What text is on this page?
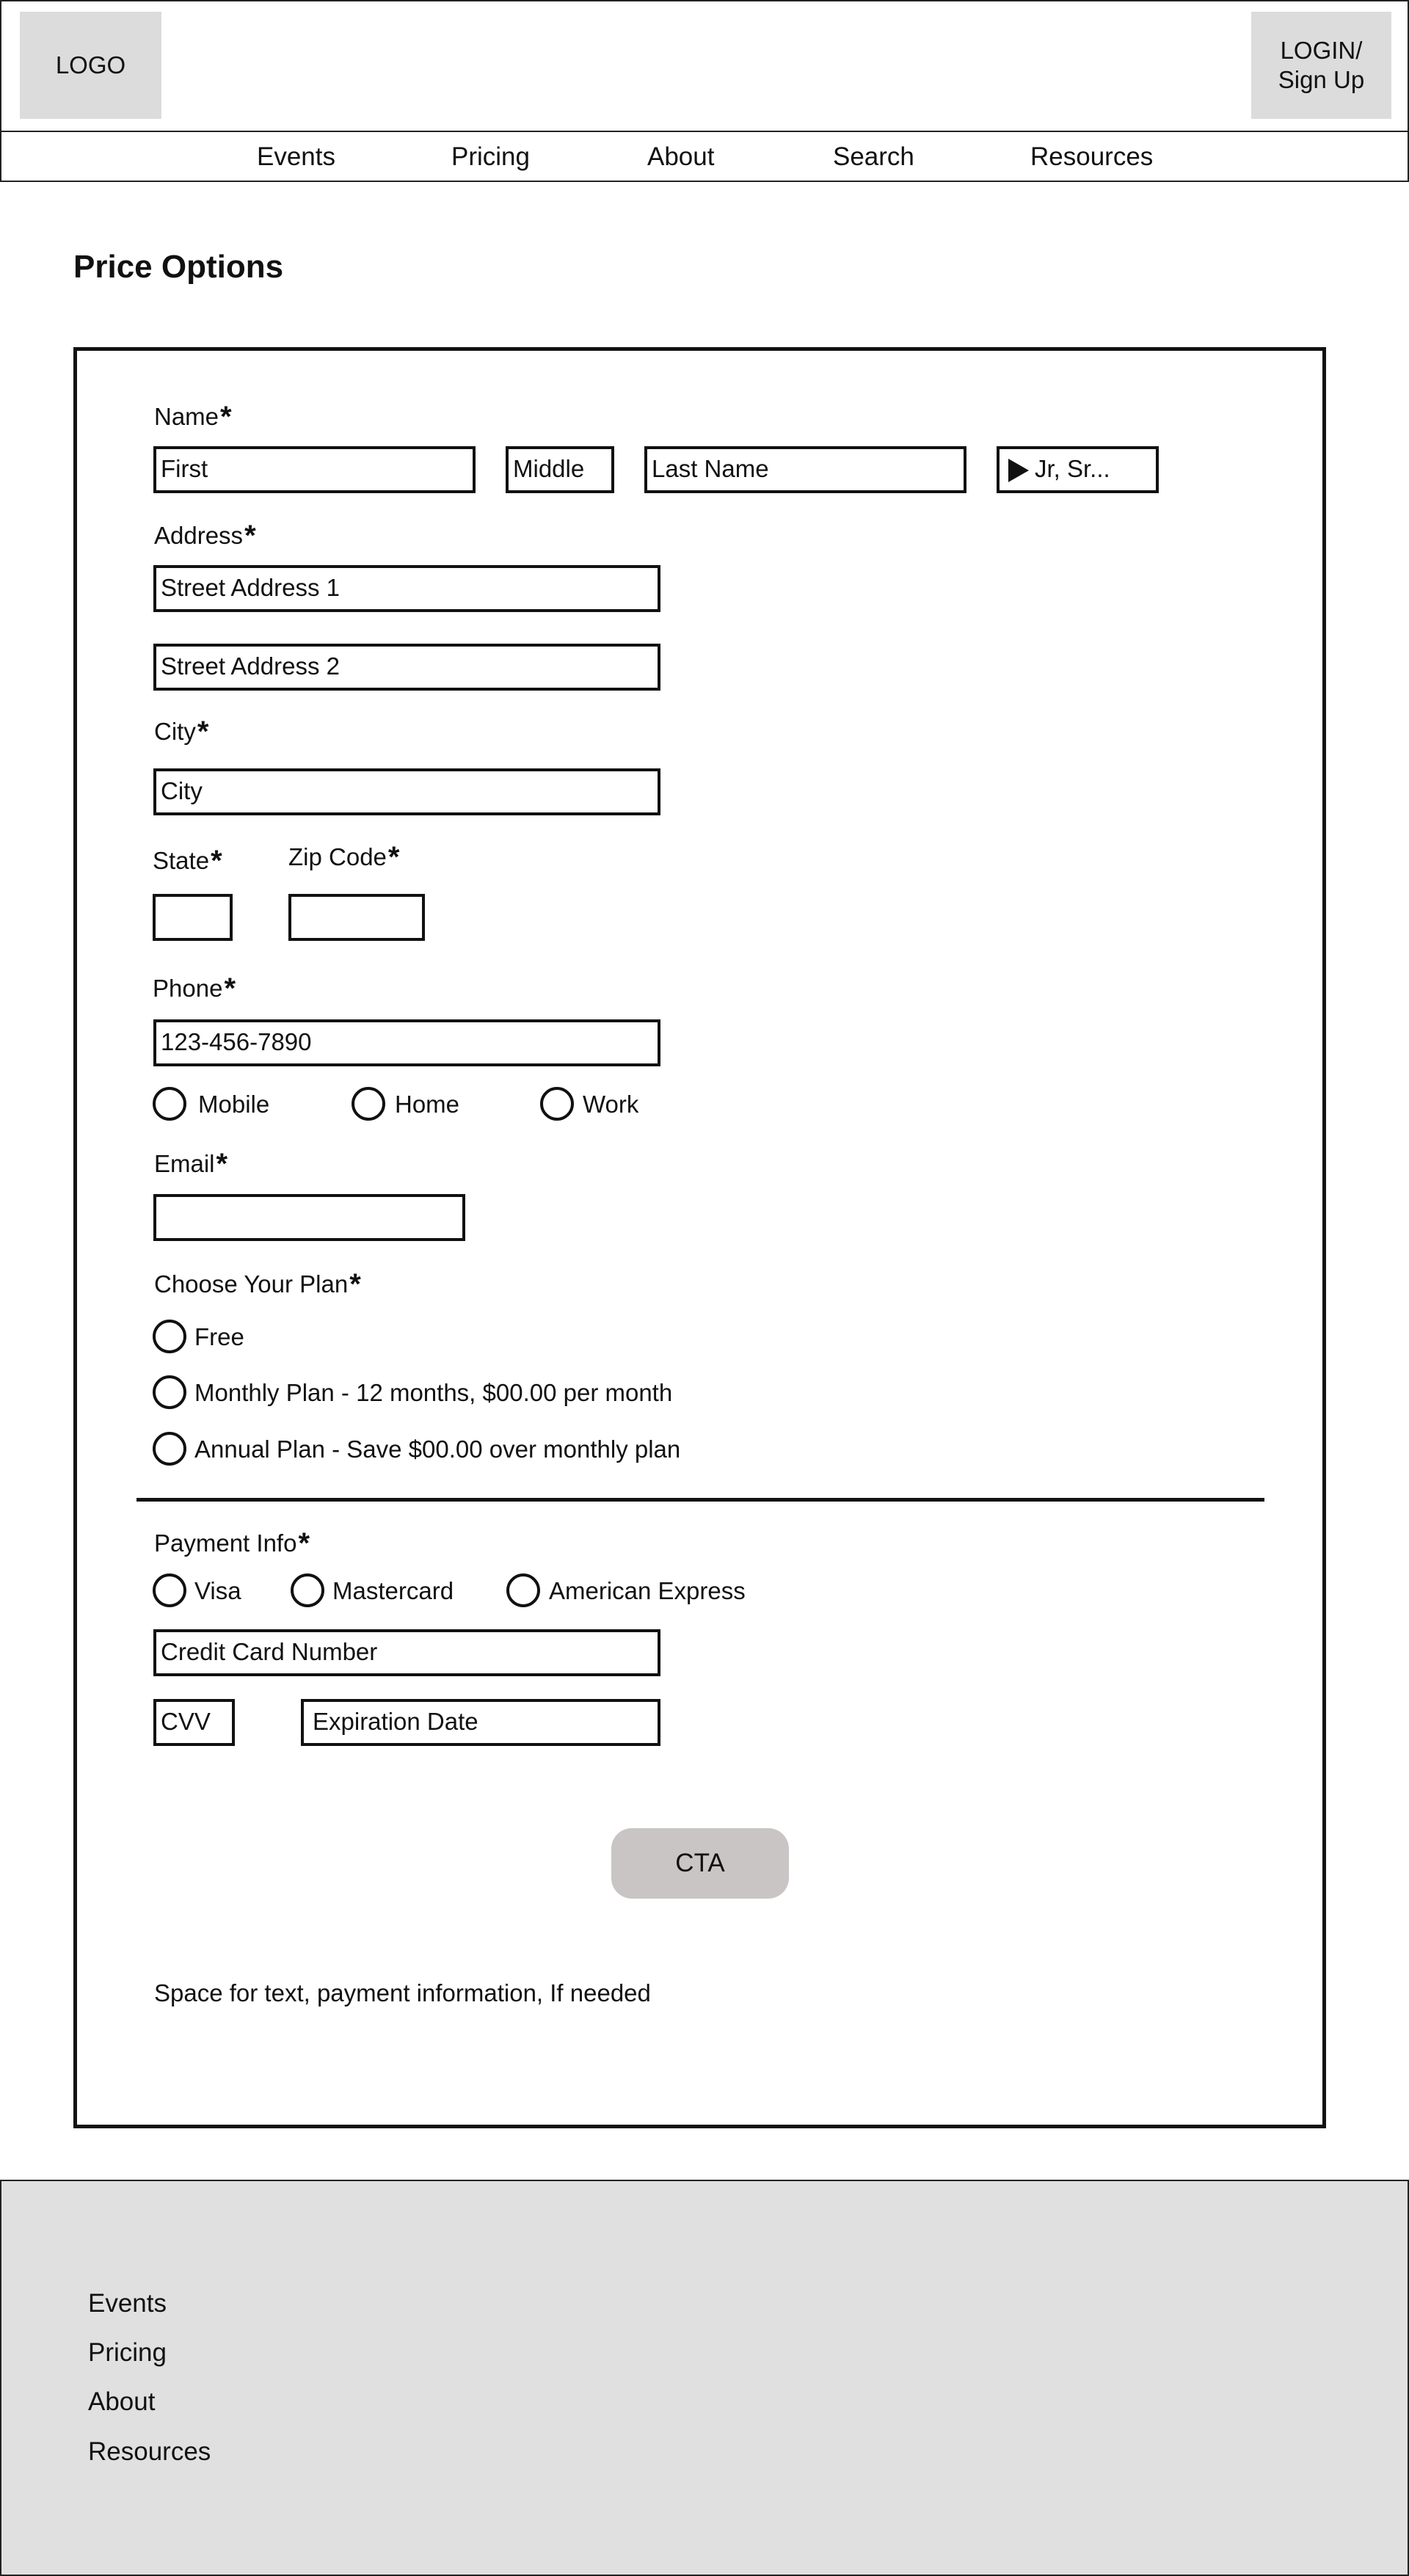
LOGO
LOGIN/
Sign Up
Events	Pricing	About	Search	Resources
Price Options
Name*
First	Middle	Last Name	Jr, Sr...
Address*
Street Address 1
Street Address 2
City*
City
State*	Zip Code*
Phone*
123-456-7890
Mobile	Home	Work
Email*
Choose Your Plan*
Free
Monthly Plan - 12 months, $00.00 per month
Annual Plan - Save $00.00 over monthly plan
Payment Info*
Visa	Mastercard	American Express
Credit Card Number
CVV	Expiration Date
CTA
Space for text, payment information, If needed
Events
Pricing
About
Resources
